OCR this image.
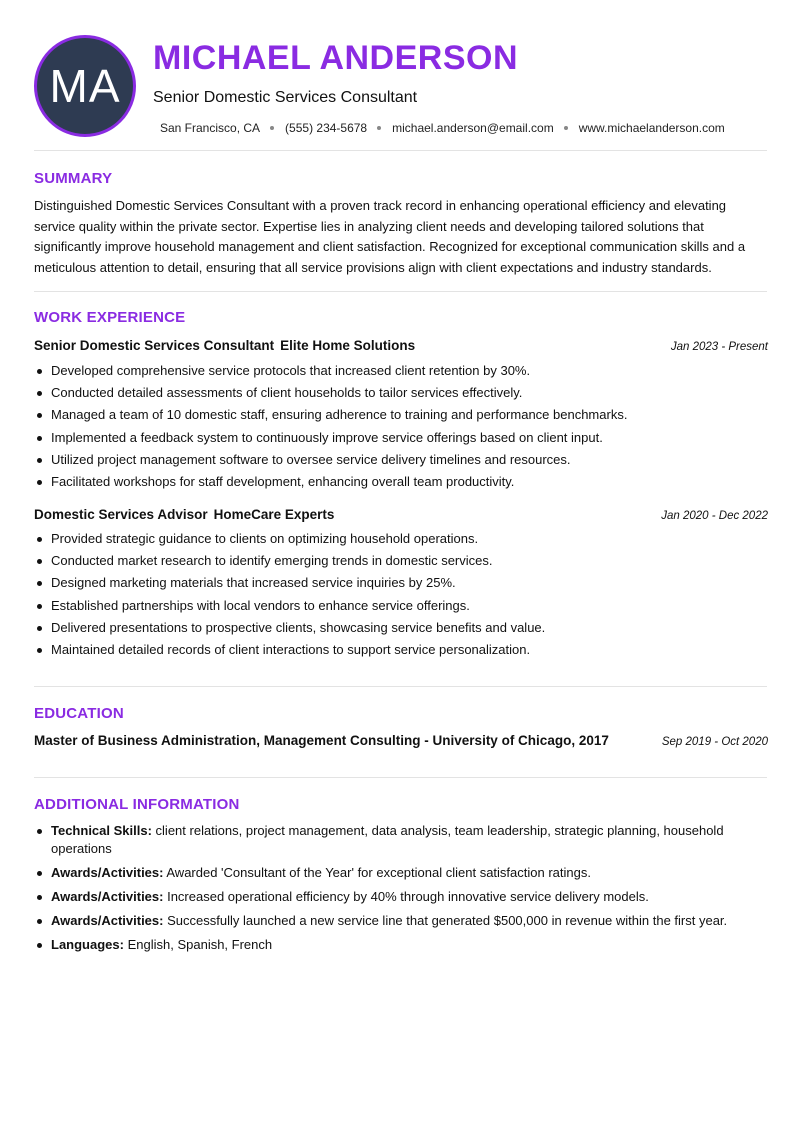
MA
MICHAEL ANDERSON

Senior Domestic Services Consultant

San Francisco, CA (555) 234-5678 michael.anderson@email.com www.michaelanderson.com
SUMMARY

Distinguished Domestic Services Consultant with a proven track record in enhancing operational efficiency and elevating service quality within the private sector. Expertise lies in analyzing client needs and developing tailored solutions that significantly improve household management and client satisfaction. Recognized for exceptional communication skills and a meticulous attention to detail, ensuring that all service provisions align with client expectations and industry standards.

WORK EXPERIENCE
Senior Domestic Services Consultant Elite Home Solutions	Jan 2023 - Present
Developed comprehensive service protocols that increased client retention by 30%.
Conducted detailed assessments of client households to tailor services effectively.
Managed a team of 10 domestic staff, ensuring adherence to training and performance benchmarks.
Implemented a feedback system to continuously improve service offerings based on client input.
Utilized project management software to oversee service delivery timelines and resources.
Facilitated workshops for staff development, enhancing overall team productivity.
Domestic Services Advisor HomeCare Experts	Jan 2020 - Dec 2022
Provided strategic guidance to clients on optimizing household operations.
Conducted market research to identify emerging trends in domestic services.
Designed marketing materials that increased service inquiries by 25%.
Established partnerships with local vendors to enhance service offerings.
Delivered presentations to prospective clients, showcasing service benefits and value.
Maintained detailed records of client interactions to support service personalization.
EDUCATION
Master of Business Administration, Management Consulting - University of Chicago, 2017	Sep 2019 - Oct 2020
ADDITIONAL INFORMATION
Technical Skills: client relations, project management, data analysis, team leadership, strategic planning, household operations
Awards/Activities: Awarded 'Consultant of the Year' for exceptional client satisfaction ratings.
Awards/Activities: Increased operational efficiency by 40% through innovative service delivery models.
Awards/Activities: Successfully launched a new service line that generated $500,000 in revenue within the first year.
Languages: English, Spanish, French
